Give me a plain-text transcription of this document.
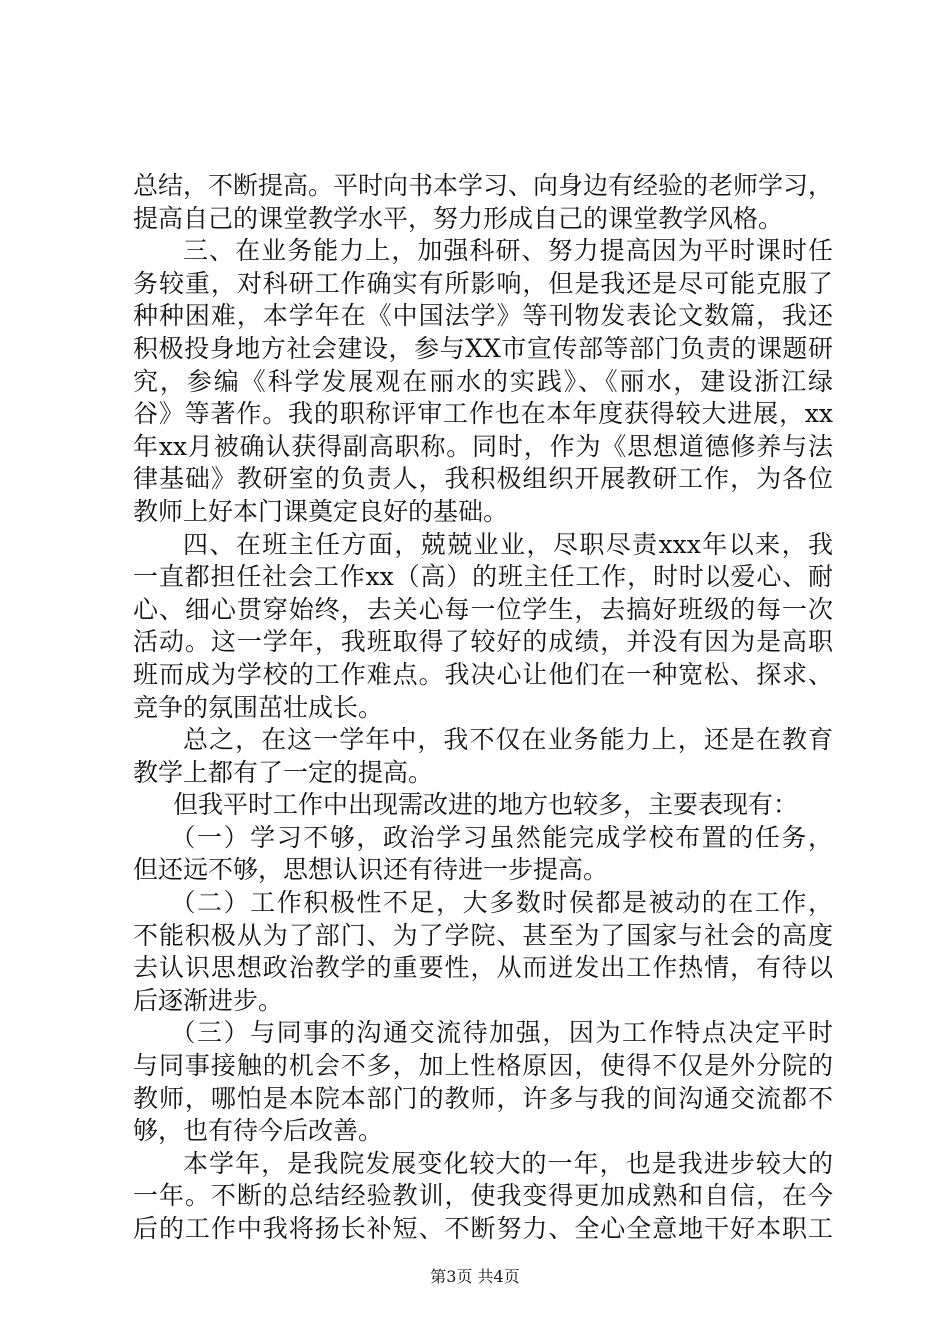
总结，不断提高。平时向书本学习、向身边有经验的老师学习，
提高自己的课堂教学水平，努力形成自己的课堂教学风格。
三、在业务能力上，加强科研、努力提高因为平时课时任
务较重，对科研工作确实有所影响，但是我还是尽可能克服了
种种困难，本学年在《中国法学》等刊物发表论文数篇，我还
积极投身地方社会建设，参与XX市宣传部等部门负责的课题研
究，参编《科学发展观在丽水的实践》、《丽水，建设浙江绿
谷》等著作。我的职称评审工作也在本年度获得较大进展，xx
年xx月被确认获得副高职称。同时，作为《思想道德修养与法
律基础》教研室的负责人，我积极组织开展教研工作，为各位
教师上好本门课奠定良好的基础。
四、在班主任方面，兢兢业业，尽职尽责xxx年以来，我
一直都担任社会工作xx（高）的班主任工作，时时以爱心、耐
心、细心贯穿始终，去关心每一位学生，去搞好班级的每一次
活动。这一学年，我班取得了较好的成绩，并没有因为是高职
班而成为学校的工作难点。我决心让他们在一种宽松、探求、
竞争的氛围茁壮成长。
总之，在这一学年中，我不仅在业务能力上，还是在教育
教学上都有了一定的提高。
但我平时工作中出现需改进的地方也较多，主要表现有：
（一）学习不够，政治学习虽然能完成学校布置的任务，
但还远不够，思想认识还有待进一步提高。
（二）工作积极性不足，大多数时侯都是被动的在工作，
不能积极从为了部门、为了学院、甚至为了国家与社会的高度
去认识思想政治教学的重要性，从而迸发出工作热情，有待以
后逐渐进步。
（三）与同事的沟通交流待加强，因为工作特点决定平时
与同事接触的机会不多，加上性格原因，使得不仅是外分院的
教师，哪怕是本院本部门的教师，许多与我的间沟通交流都不
够，也有待今后改善。
本学年，是我院发展变化较大的一年，也是我进步较大的
一年。不断的总结经验教训，使我变得更加成熟和自信，在今
后的工作中我将扬长补短、不断努力、全心全意地干好本职工
第3页 共4页
